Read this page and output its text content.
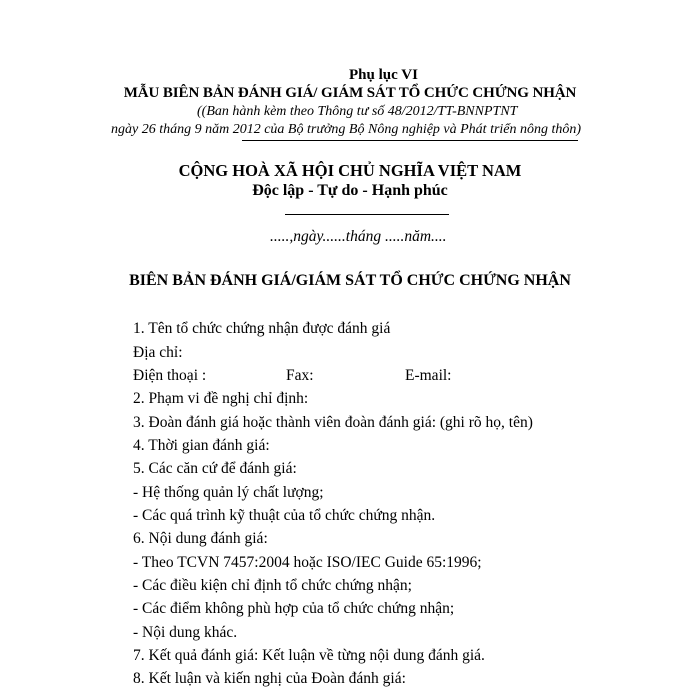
Phụ lục VI
MẪU BIÊN BẢN ĐÁNH GIÁ/ GIÁM SÁT TỔ CHỨC CHỨNG NHẬN
((Ban hành kèm theo Thông tư số 48/2012/TT-BNNPTNT
ngày 26 tháng 9 năm 2012 của Bộ trưởng Bộ Nông nghiệp và Phát triển nông thôn)
CỘNG HOÀ XÃ HỘI CHỦ NGHĨA VIỆT NAM
Độc lập - Tự do - Hạnh phúc
.....,ngày......tháng .....năm....
BIÊN BẢN ĐÁNH GIÁ/GIÁM SÁT TỔ CHỨC CHỨNG NHẬN
1. Tên tổ chức chứng nhận được đánh giá
Địa chỉ:
Điện thoại :	Fax:	E-mail:
2. Phạm vi đề nghị chỉ định:
3. Đoàn đánh giá hoặc thành viên đoàn đánh giá: (ghi rõ họ, tên)
4. Thời gian đánh giá:
5. Các căn cứ để đánh giá:
- Hệ thống quản lý chất lượng;
- Các quá trình kỹ thuật của tổ chức chứng nhận.
6. Nội dung đánh giá:
- Theo TCVN 7457:2004 hoặc ISO/IEC Guide 65:1996;
- Các điều kiện chỉ định tổ chức chứng nhận;
- Các điểm không phù hợp của tổ chức chứng nhận;
- Nội dung khác.
7. Kết quả đánh giá: Kết luận về từng nội dung đánh giá.
8. Kết luận và kiến nghị của Đoàn đánh giá:
